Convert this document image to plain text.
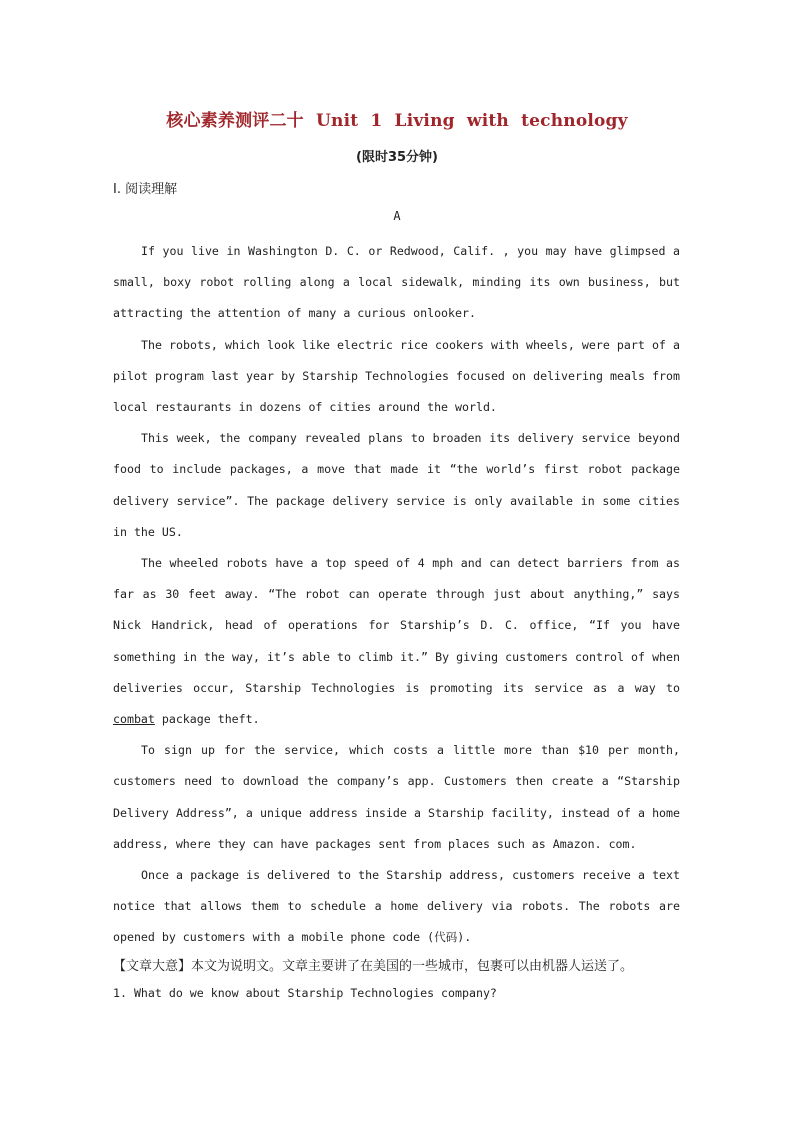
核心素养测评二十 Unit 1 Living with technology
(限时35分钟)
Ⅰ. 阅读理解
A

If you live in Washington D. C. or Redwood, Calif. , you may have glimpsed a small, boxy robot rolling along a local sidewalk, minding its own business, but attracting the attention of many a curious onlooker.

The robots, which look like electric rice cookers with wheels, were part of a pilot program last year by Starship Technologies focused on delivering meals from local restaurants in dozens of cities around the world.

This week, the company revealed plans to broaden its delivery service beyond food to include packages, a move that made it “the world’s first robot package delivery service”. The package delivery service is only available in some cities in the US.

The wheeled robots have a top speed of 4 mph and can detect barriers from as far as 30 feet away. “The robot can operate through just about anything,” says Nick Handrick, head of operations for Starship’s D. C. office, “If you have something in the way, it’s able to climb it.” By giving customers control of when deliveries occur, Starship Technologies is promoting its service as a way to combat package theft.

To sign up for the service, which costs a little more than $10 per month, customers need to download the company’s app. Customers then create a “Starship Delivery Address”, a unique address inside a Starship facility, instead of a home address, where they can have packages sent from places such as Amazon. com.

Once a package is delivered to the Starship address, customers receive a text notice that allows them to schedule a home delivery via robots. The robots are opened by customers with a mobile phone code (代码).

【文章大意】本文为说明文。文章主要讲了在美国的一些城市，包裹可以由机器人运送了。
1. What do we know about Starship Technologies company?
